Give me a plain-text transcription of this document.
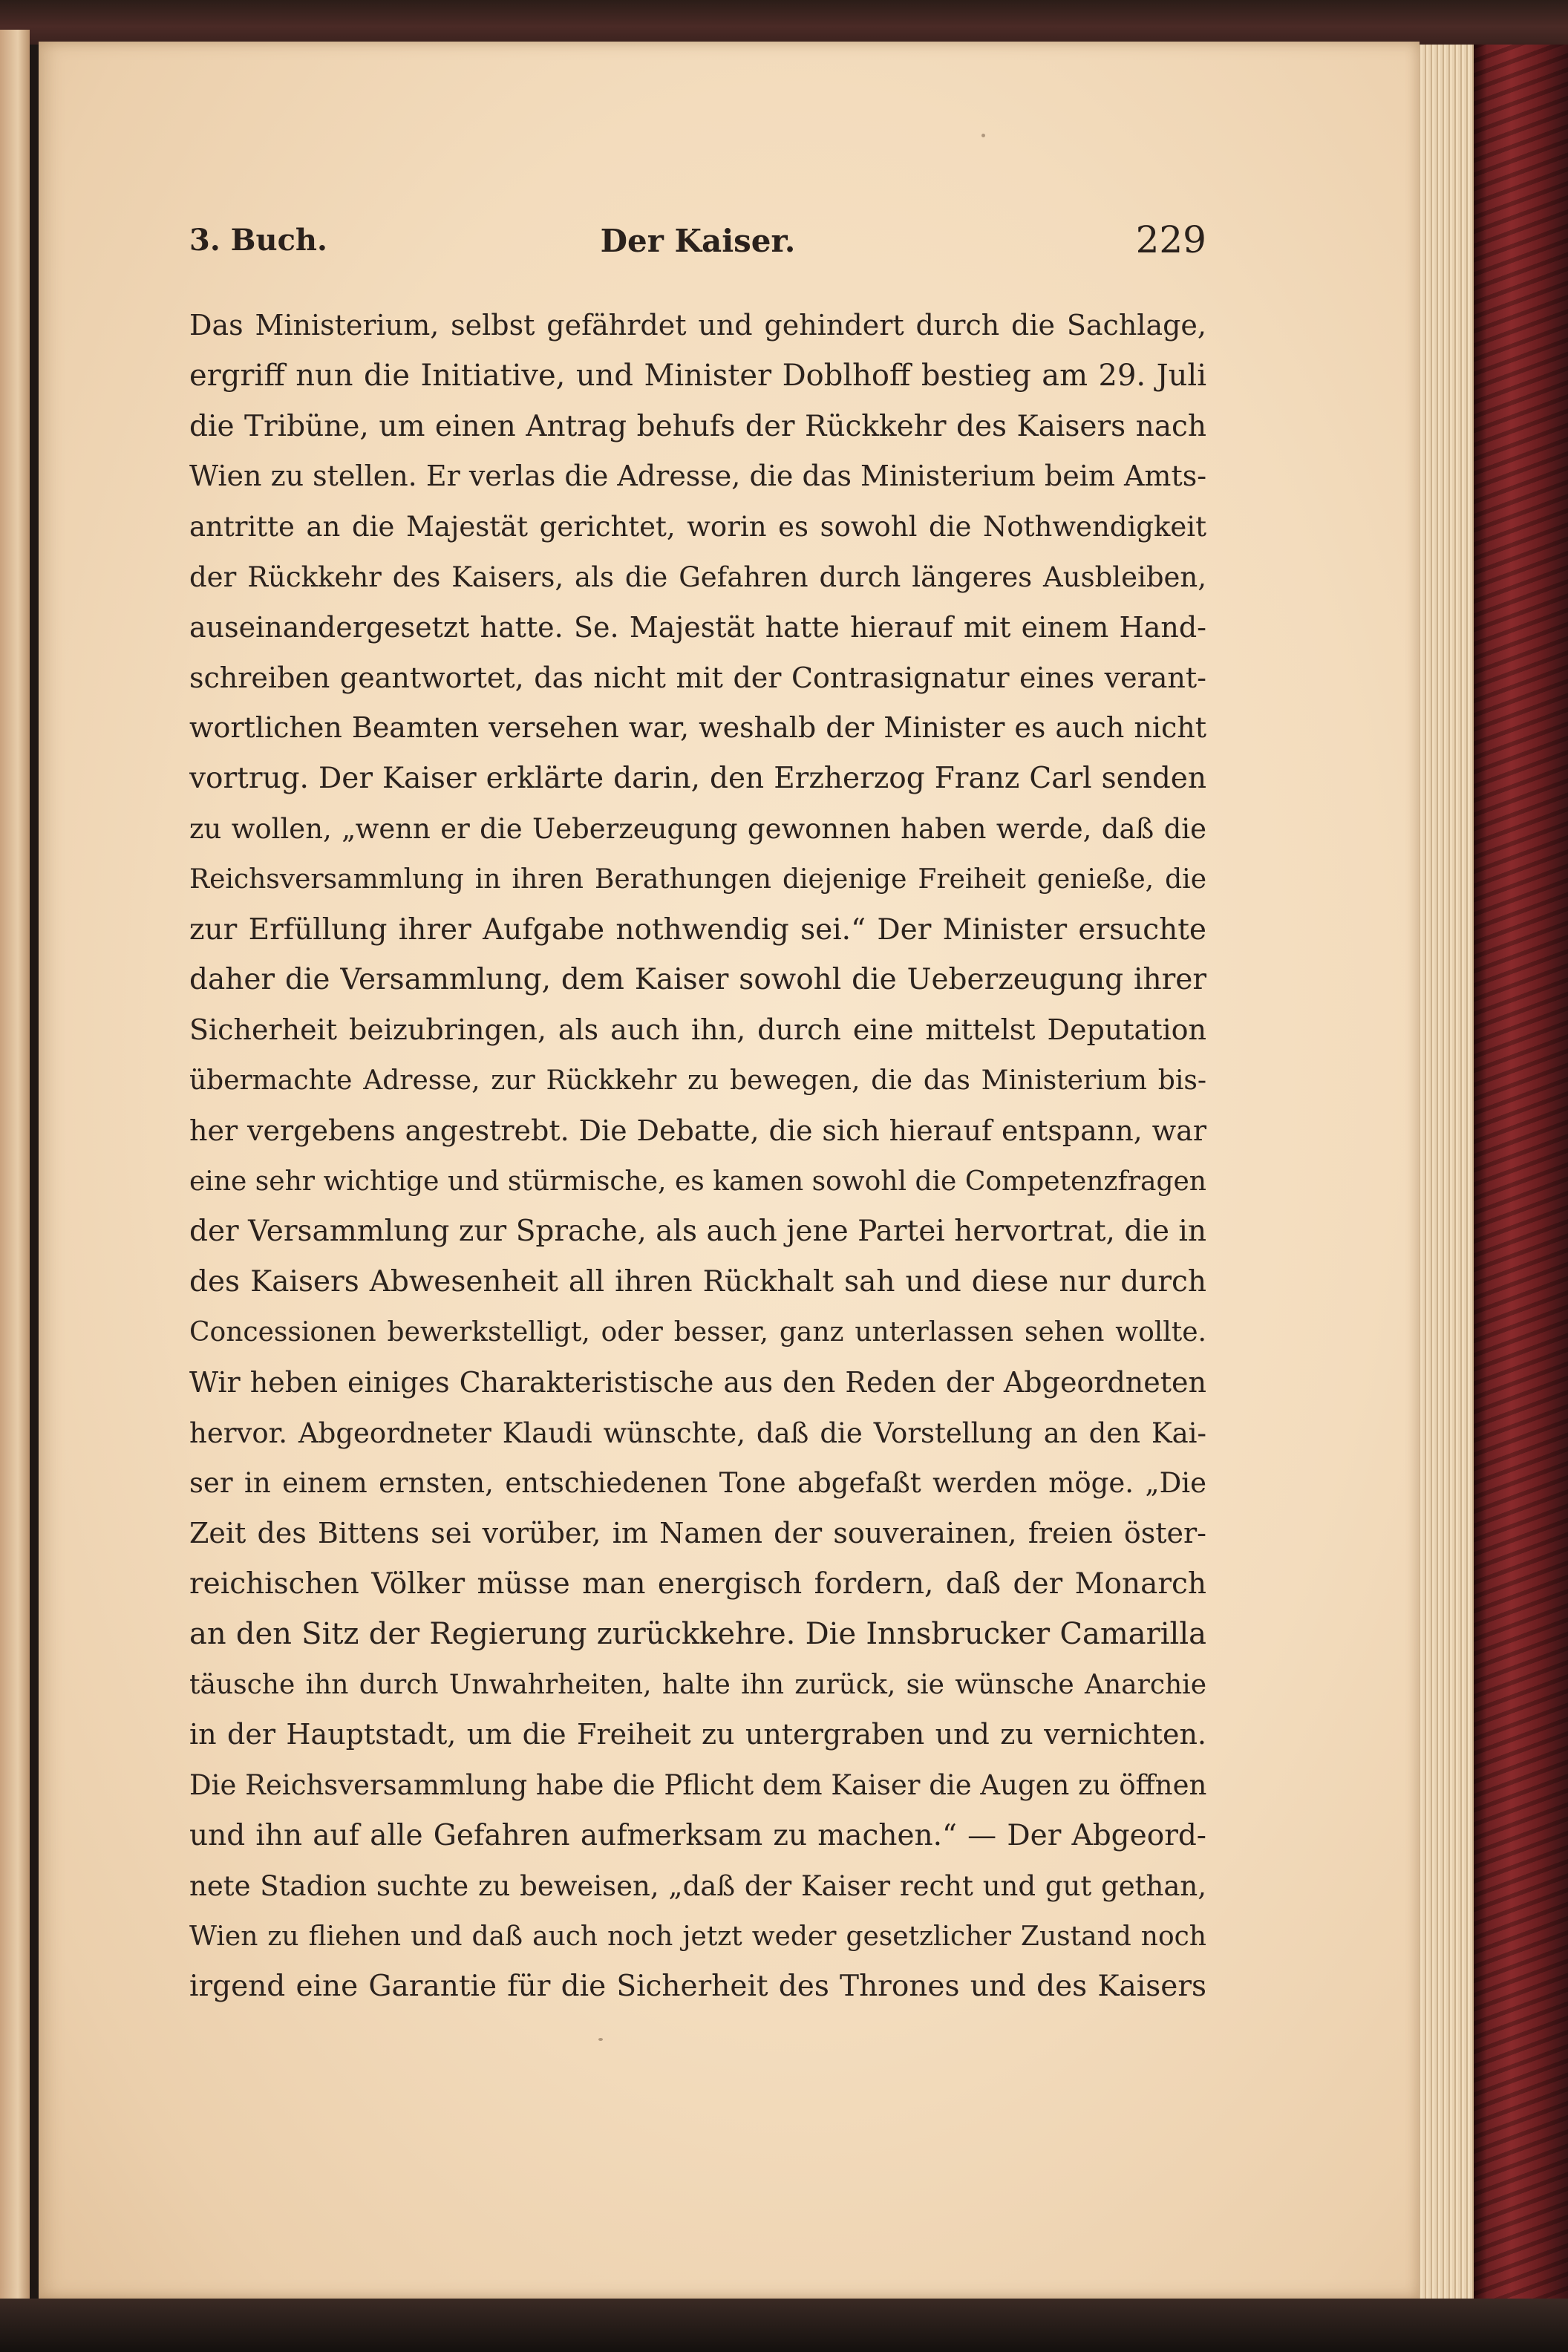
3. Buch.	Der Kaiser.	229
Das Ministerium, selbst gefährdet und gehindert durch die Sachlage,
ergriff nun die Initiative, und Minister Doblhoff bestieg am 29. Juli
die Tribüne, um einen Antrag behufs der Rückkehr des Kaisers nach
Wien zu stellen. Er verlas die Adresse, die das Ministerium beim Amts-
antritte an die Majestät gerichtet, worin es sowohl die Nothwendigkeit
der Rückkehr des Kaisers, als die Gefahren durch längeres Ausbleiben,
auseinandergesetzt hatte. Se. Majestät hatte hierauf mit einem Hand-
schreiben geantwortet, das nicht mit der Contrasignatur eines verant-
wortlichen Beamten versehen war, weshalb der Minister es auch nicht
vortrug. Der Kaiser erklärte darin, den Erzherzog Franz Carl senden
zu wollen, „wenn er die Ueberzeugung gewonnen haben werde, daß die
Reichsversammlung in ihren Berathungen diejenige Freiheit genieße, die
zur Erfüllung ihrer Aufgabe nothwendig sei.“ Der Minister ersuchte
daher die Versammlung, dem Kaiser sowohl die Ueberzeugung ihrer
Sicherheit beizubringen, als auch ihn, durch eine mittelst Deputation
übermachte Adresse, zur Rückkehr zu bewegen, die das Ministerium bis-
her vergebens angestrebt. Die Debatte, die sich hierauf entspann, war
eine sehr wichtige und stürmische, es kamen sowohl die Competenzfragen
der Versammlung zur Sprache, als auch jene Partei hervortrat, die in
des Kaisers Abwesenheit all ihren Rückhalt sah und diese nur durch
Concessionen bewerkstelligt, oder besser, ganz unterlassen sehen wollte.
Wir heben einiges Charakteristische aus den Reden der Abgeordneten
hervor. Abgeordneter Klaudi wünschte, daß die Vorstellung an den Kai-
ser in einem ernsten, entschiedenen Tone abgefaßt werden möge. „Die
Zeit des Bittens sei vorüber, im Namen der souverainen, freien öster-
reichischen Völker müsse man energisch fordern, daß der Monarch
an den Sitz der Regierung zurückkehre. Die Innsbrucker Camarilla
täusche ihn durch Unwahrheiten, halte ihn zurück, sie wünsche Anarchie
in der Hauptstadt, um die Freiheit zu untergraben und zu vernichten.
Die Reichsversammlung habe die Pflicht dem Kaiser die Augen zu öffnen
und ihn auf alle Gefahren aufmerksam zu machen.“ — Der Abgeord-
nete Stadion suchte zu beweisen, „daß der Kaiser recht und gut gethan,
Wien zu fliehen und daß auch noch jetzt weder gesetzlicher Zustand noch
irgend eine Garantie für die Sicherheit des Thrones und des Kaisers
